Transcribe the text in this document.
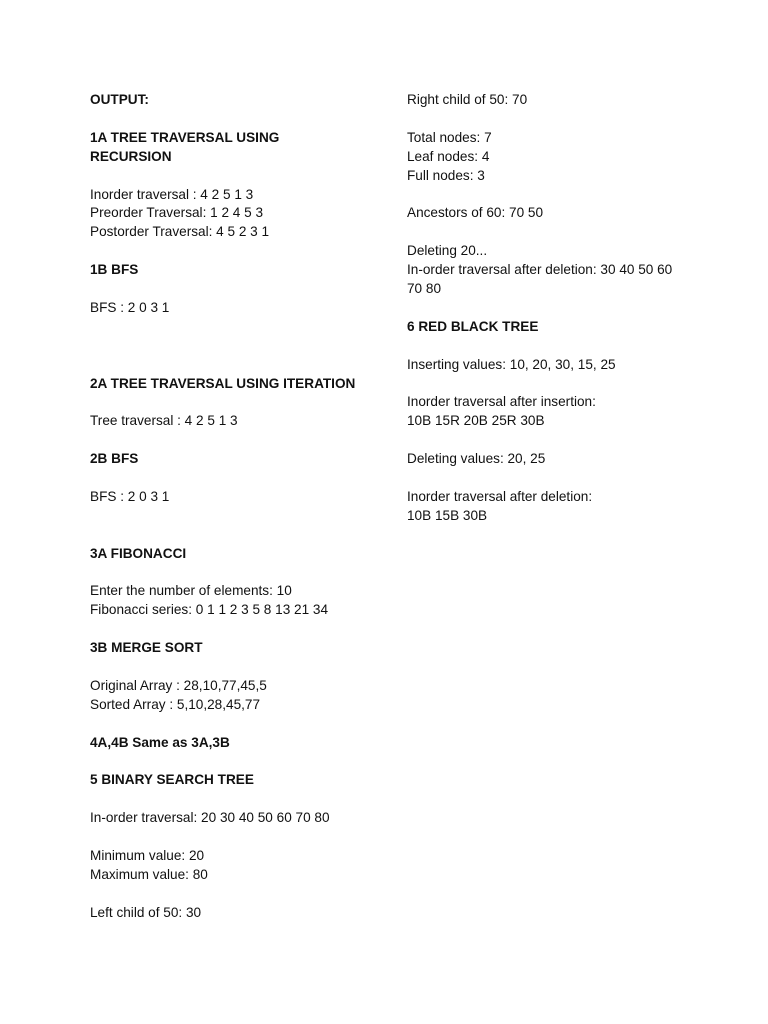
OUTPUT:

1A TREE TRAVERSAL USING RECURSION

Inorder traversal : 4 2 5 1 3

Preorder Traversal: 1 2 4 5 3

Postorder Traversal: 4 5 2 3 1

1B BFS

BFS : 2 0 3 1

2A TREE TRAVERSAL USING ITERATION

Tree traversal : 4 2 5 1 3

2B BFS

BFS : 2 0 3 1

3A FIBONACCI

Enter the number of elements: 10

Fibonacci series: 0 1 1 2 3 5 8 13 21 34

3B MERGE SORT

Original Array : 28,10,77,45,5

Sorted Array : 5,10,28,45,77

4A,4B Same as 3A,3B

5 BINARY SEARCH TREE

In-order traversal: 20 30 40 50 60 70 80

Minimum value: 20

Maximum value: 80

Left child of 50: 30

Right child of 50: 70

Total nodes: 7

Leaf nodes: 4

Full nodes: 3

Ancestors of 60: 70 50

Deleting 20...

In-order traversal after deletion: 30 40 50 60 70 80

6 RED BLACK TREE

Inserting values: 10, 20, 30, 15, 25

Inorder traversal after insertion:

10B 15R 20B 25R 30B

Deleting values: 20, 25

Inorder traversal after deletion:

10B 15B 30B
